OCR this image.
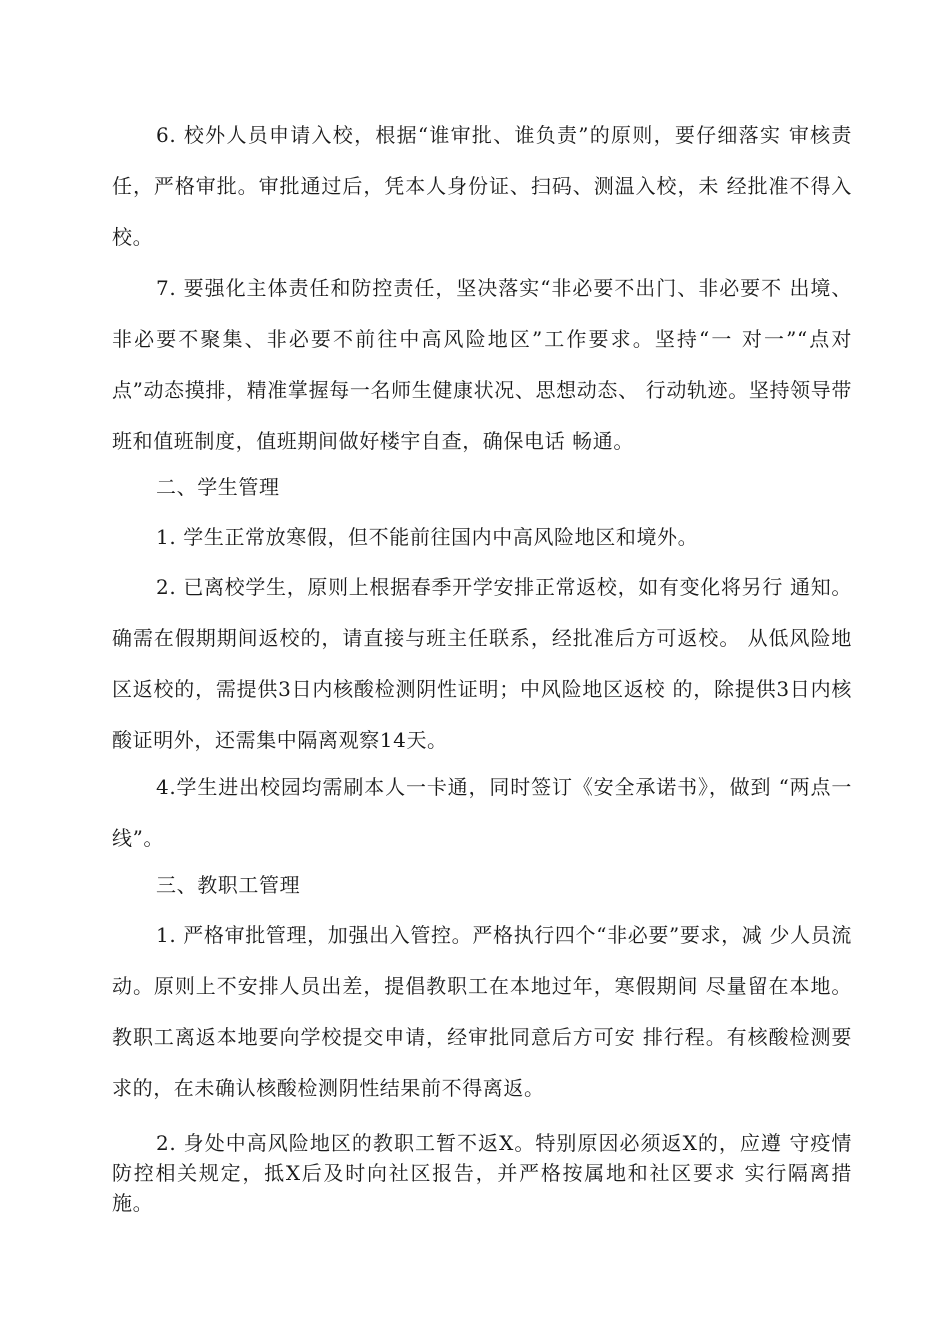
6. 校外人员申请入校，根据“谁审批、谁负责”的原则，要仔细落实 审核责任，严格审批。审批通过后，凭本人身份证、扫码、测温入校，未 经批准不得入校。

7. 要强化主体责任和防控责任，坚决落实“非必要不出门、非必要不 出境、非必要不聚集、非必要不前往中高风险地区”工作要求。坚持“一 对一”“点对点”动态摸排，精准掌握每一名师生健康状况、思想动态、 行动轨迹。坚持领导带班和值班制度，值班期间做好楼宇自查，确保电话 畅通。

二、学生管理

1. 学生正常放寒假，但不能前往国内中高风险地区和境外。

2. 已离校学生，原则上根据春季开学安排正常返校，如有变化将另行 通知。确需在假期期间返校的，请直接与班主任联系，经批准后方可返校。 从低风险地区返校的，需提供3日内核酸检测阴性证明；中风险地区返校 的，除提供3日内核酸证明外，还需集中隔离观察14天。

4.学生进出校园均需刷本人一卡通，同时签订《安全承诺书》，做到 “两点一线”。

三、教职工管理

1. 严格审批管理，加强出入管控。严格执行四个“非必要”要求，减 少人员流动。原则上不安排人员出差，提倡教职工在本地过年，寒假期间 尽量留在本地。教职工离返本地要向学校提交申请，经审批同意后方可安 排行程。有核酸检测要求的，在未确认核酸检测阴性结果前不得离返。

2. 身处中高风险地区的教职工暂不返X。特别原因必须返X的，应遵 守疫情防控相关规定，抵X后及时向社区报告，并严格按属地和社区要求 实行隔离措施。
